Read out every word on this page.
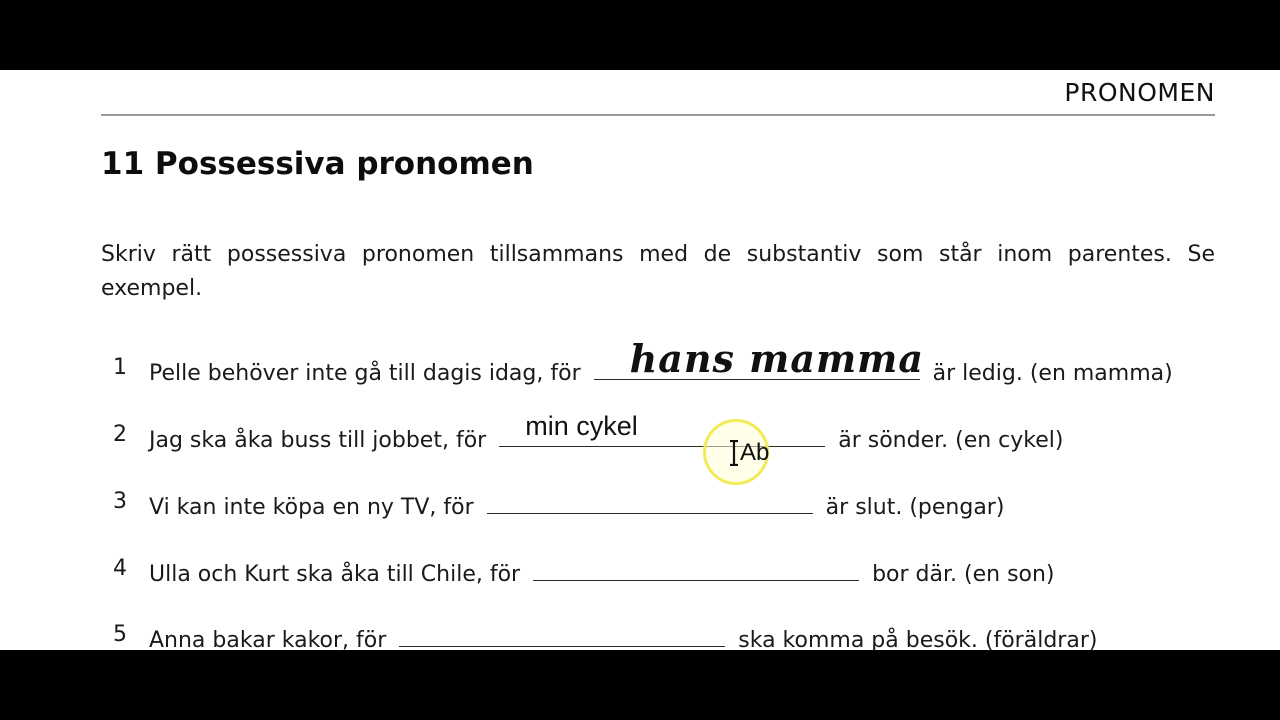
PRONOMEN
11 Possessiva pronomen
Skriv rätt possessiva pronomen tillsammans med de substantiv som står inom parentes. Se exempel.
1 Pelle behöver inte gå till dagis idag, för hans mamma är ledig. (en mamma)
2 Jag ska åka buss till jobbet, för min cykel	är sönder. (en cykel)
3 Vi kan inte köpa en ny TV, för	är slut. (pengar)
4 Ulla och Kurt ska åka till Chile, för	bor där. (en son)
5 Anna bakar kakor, för	ska komma på besök. (föräldrar)
Ab
